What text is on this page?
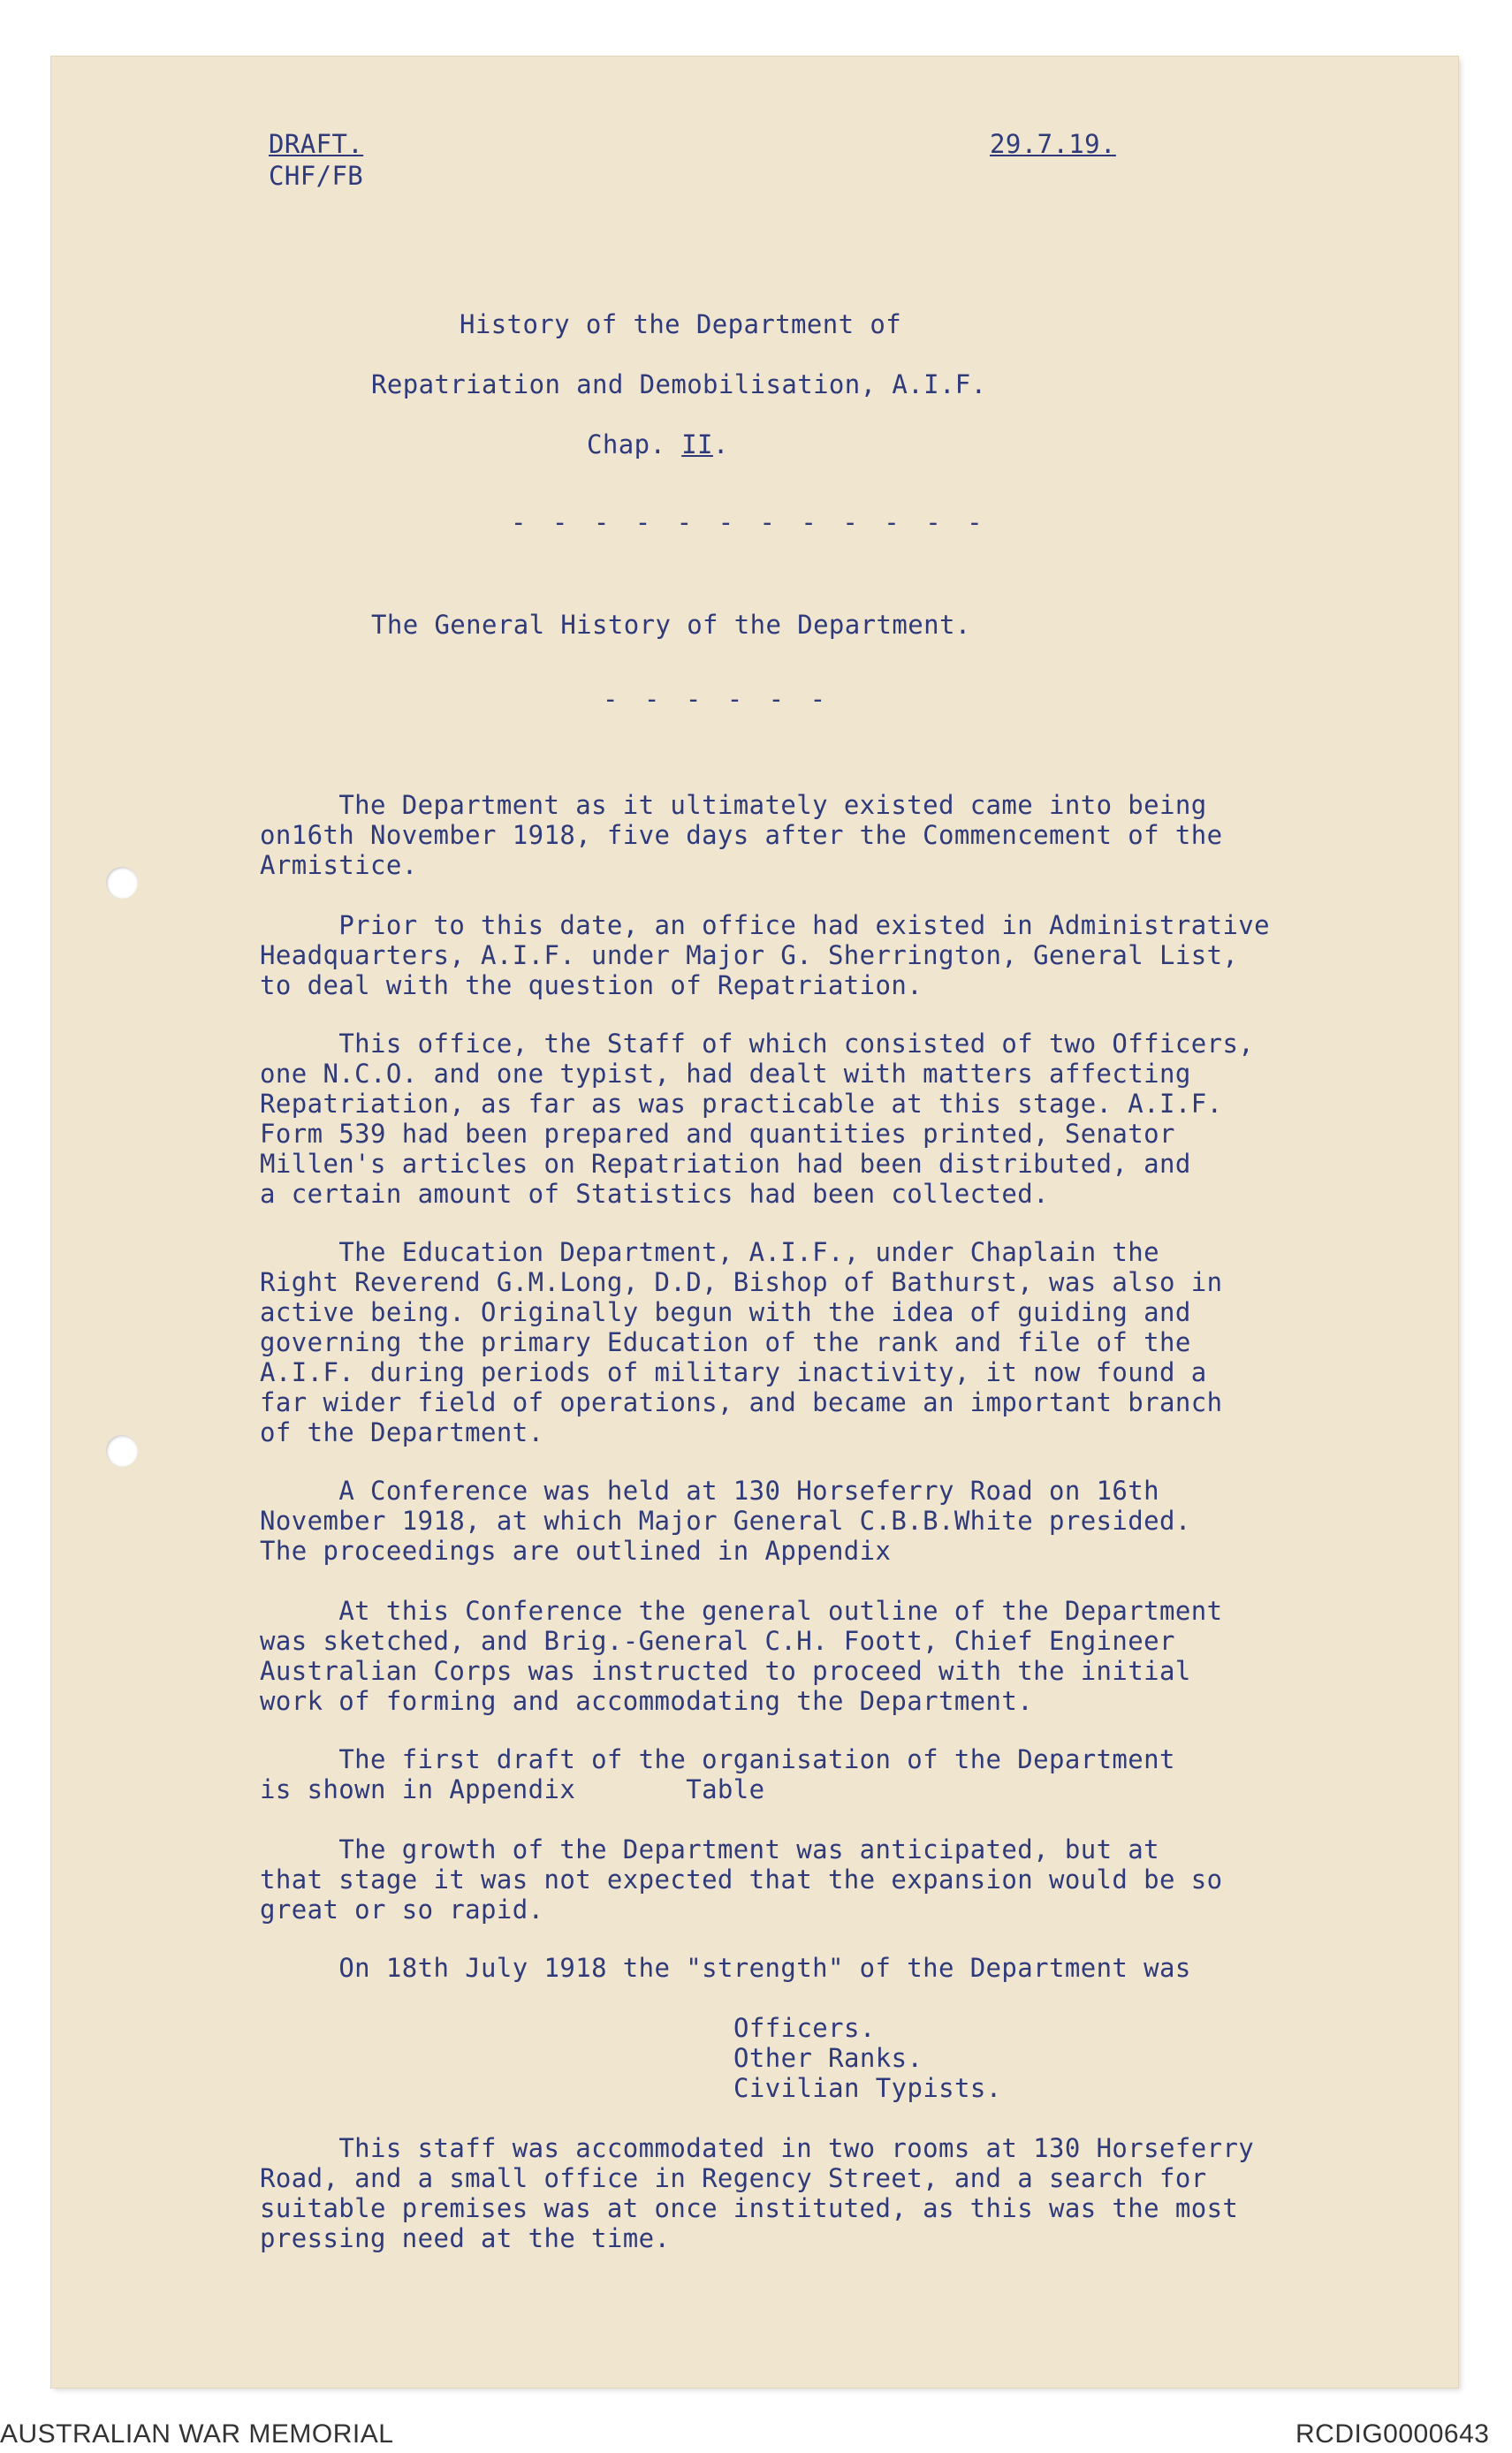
DRAFT.
CHF/FB
29.7.19.
History of the Department of
Repatriation and Demobilisation, A.I.F.
Chap. II.
- - - - - - - - - - - -
The General History of the Department.
- - - - - -

The Department as it ultimately existed came into being
on16th November 1918, five days after the Commencement of the
Armistice.

Prior to this date, an office had existed in Administrative
Headquarters, A.I.F. under Major G. Sherrington, General List,
to deal with the question of Repatriation.

This office, the Staff of which consisted of two Officers,
one N.C.O. and one typist, had dealt with matters affecting
Repatriation, as far as was practicable at this stage. A.I.F.
Form 539 had been prepared and quantities printed, Senator
Millen's articles on Repatriation had been distributed, and
a certain amount of Statistics had been collected.

The Education Department, A.I.F., under Chaplain the
Right Reverend G.M.Long, D.D, Bishop of Bathurst, was also in
active being. Originally begun with the idea of guiding and
governing the primary Education of the rank and file of the
A.I.F. during periods of military inactivity, it now found a
far wider field of operations, and became an important branch
of the Department.

A Conference was held at 130 Horseferry Road on 16th
November 1918, at which Major General C.B.B.White presided.
The proceedings are outlined in Appendix

At this Conference the general outline of the Department
was sketched, and Brig.-General C.H. Foott, Chief Engineer
Australian Corps was instructed to proceed with the initial
work of forming and accommodating the Department.

The first draft of the organisation of the Department
is shown in Appendix       Table

The growth of the Department was anticipated, but at
that stage it was not expected that the expansion would be so
great or so rapid.

On 18th July 1918 the "strength" of the Department was

Officers.
Other Ranks.
Civilian Typists.

This staff was accommodated in two rooms at 130 Horseferry
Road, and a small office in Regency Street, and a search for
suitable premises was at once instituted, as this was the most
pressing need at the time.

AUSTRALIAN WAR MEMORIAL	RCDIG0000643
